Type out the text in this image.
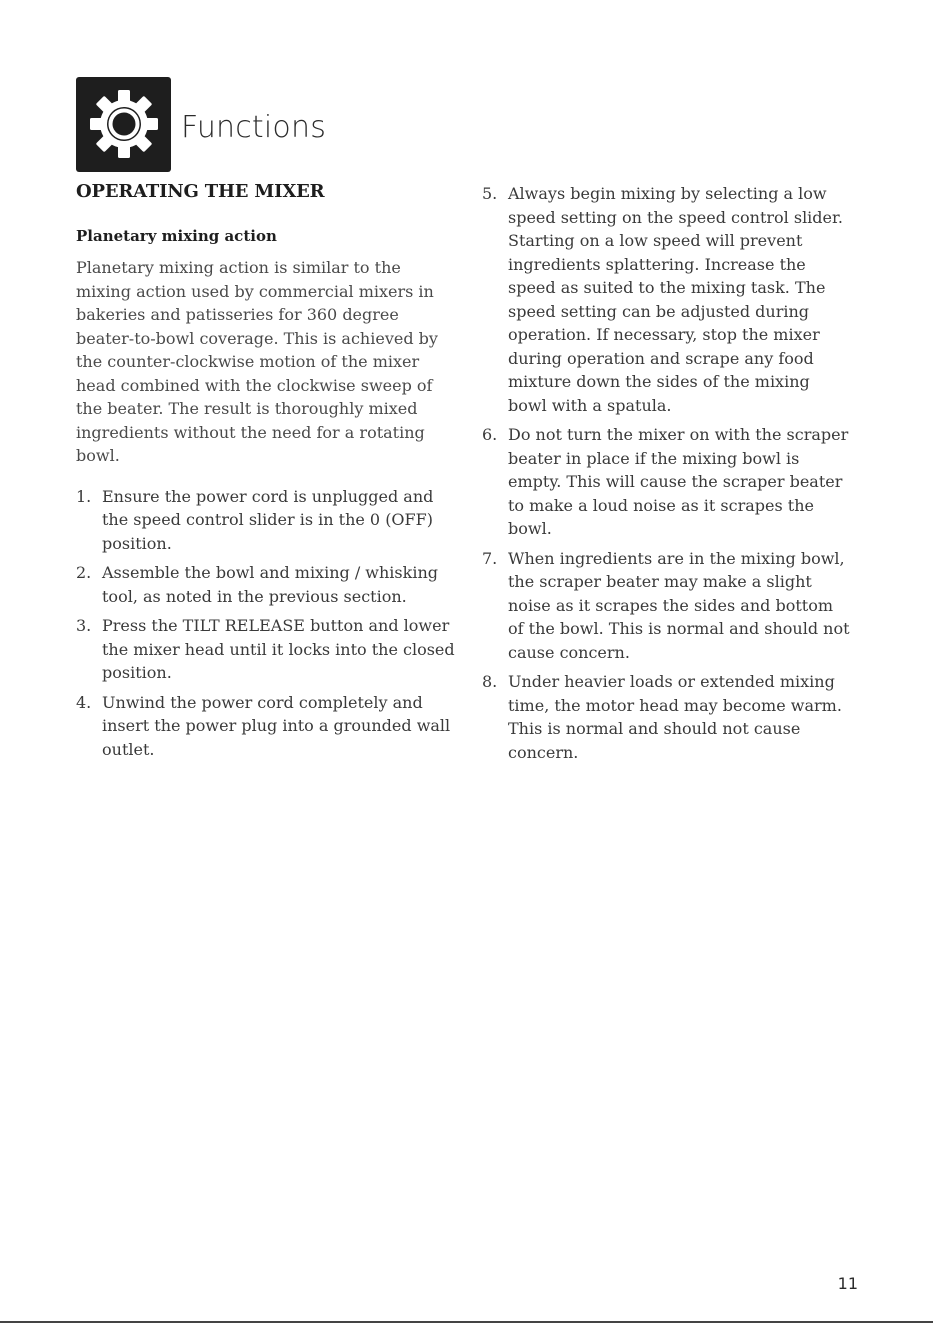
Functions
OPERATING THE MIXER
Planetary mixing action

Planetary mixing action is similar to the mixing action used by commercial mixers in bakeries and patisseries for 360 degree beater-to-bowl coverage. This is achieved by the counter-clockwise motion of the mixer head combined with the clockwise sweep of the beater. The result is thoroughly mixed ingredients without the need for a rotating bowl.

1. Ensure the power cord is unplugged and the speed control slider is in the 0 (OFF) position.
2. Assemble the bowl and mixing / whisking tool, as noted in the previous section.
3. Press the TILT RELEASE button and lower the mixer head until it locks into the closed position.
4. Unwind the power cord completely and insert the power plug into a grounded wall outlet.
5. Always begin mixing by selecting a low speed setting on the speed control slider. Starting on a low speed will prevent ingredients splattering. Increase the speed as suited to the mixing task. The speed setting can be adjusted during operation. If necessary, stop the mixer during operation and scrape any food mixture down the sides of the mixing bowl with a spatula.
6. Do not turn the mixer on with the scraper beater in place if the mixing bowl is empty. This will cause the scraper beater to make a loud noise as it scrapes the bowl.
7. When ingredients are in the mixing bowl, the scraper beater may make a slight noise as it scrapes the sides and bottom of the bowl. This is normal and should not cause concern.
8. Under heavier loads or extended mixing time, the motor head may become warm. This is normal and should not cause concern.
11
